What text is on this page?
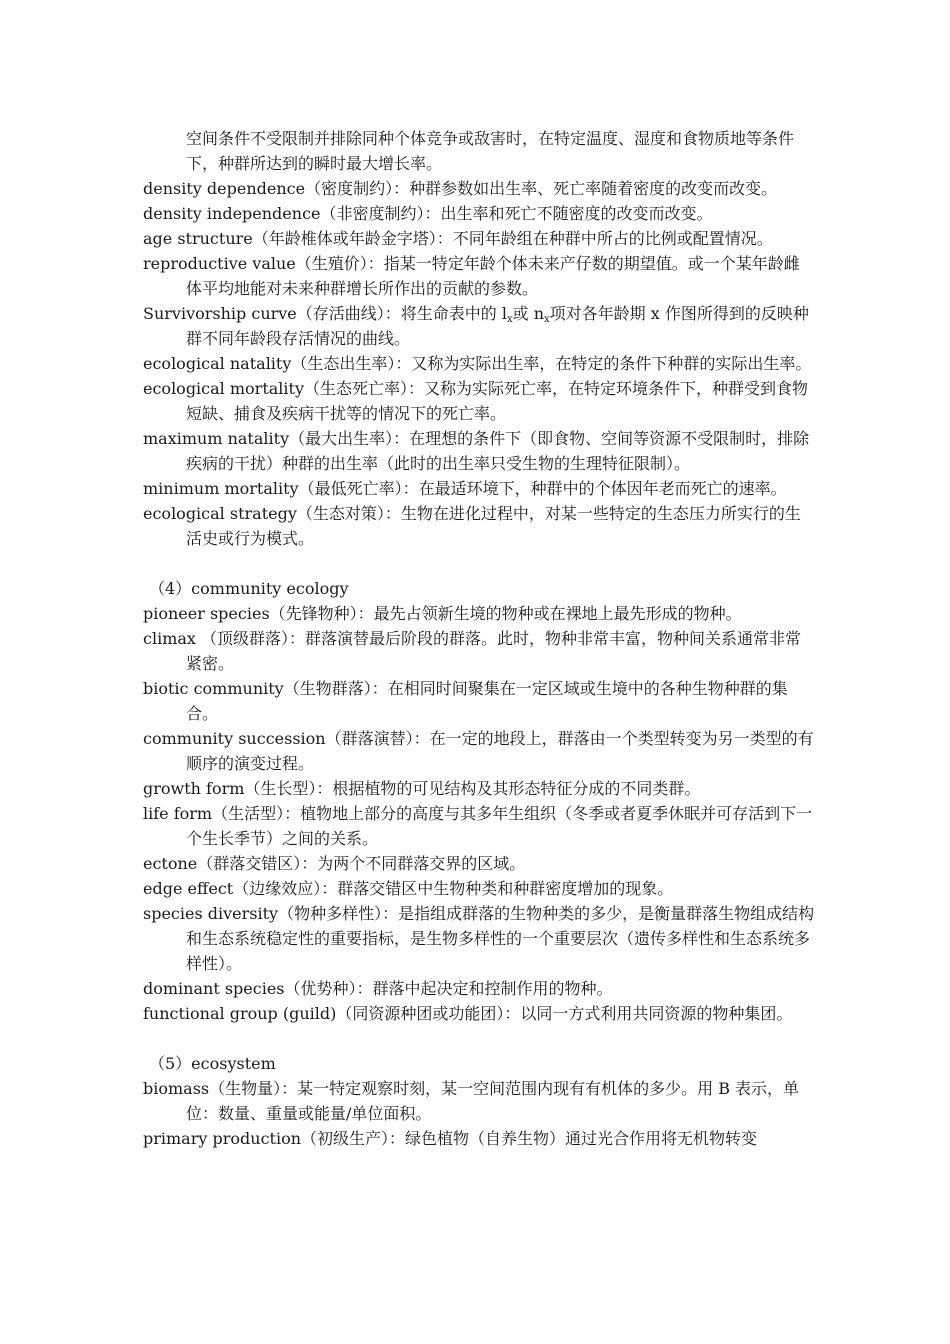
空间条件不受限制并排除同种个体竞争或敌害时，在特定温度、湿度和食物质地等条件下，种群所达到的瞬时最大增长率。
density dependence（密度制约）：种群参数如出生率、死亡率随着密度的改变而改变。
density independence（非密度制约）：出生率和死亡不随密度的改变而改变。
age structure（年龄椎体或年龄金字塔）：不同年龄组在种群中所占的比例或配置情况。
reproductive value（生殖价）：指某一特定年龄个体未来产仔数的期望值。或一个某年龄雌体平均地能对未来种群增长所作出的贡献的参数。
Survivorship curve（存活曲线）：将生命表中的 $l_x$或 $n_x$项对各年龄期 x 作图所得到的反映种群不同年龄段存活情况的曲线。
ecological natality（生态出生率）：又称为实际出生率，在特定的条件下种群的实际出生率。
ecological mortality（生态死亡率）：又称为实际死亡率，在特定环境条件下，种群受到食物短缺、捕食及疾病干扰等的情况下的死亡率。
maximum natality（最大出生率）：在理想的条件下（即食物、空间等资源不受限制时，排除疾病的干扰）种群的出生率（此时的出生率只受生物的生理特征限制）。
minimum mortality（最低死亡率）：在最适环境下，种群中的个体因年老而死亡的速率。
ecological strategy（生态对策）：生物在进化过程中，对某一些特定的生态压力所实行的生活史或行为模式。
（4）community ecology
pioneer species（先锋物种）：最先占领新生境的物种或在裸地上最先形成的物种。
climax （顶级群落）：群落演替最后阶段的群落。此时，物种非常丰富，物种间关系通常非常紧密。
biotic community（生物群落）：在相同时间聚集在一定区域或生境中的各种生物种群的集合。
community succession（群落演替）：在一定的地段上，群落由一个类型转变为另一类型的有顺序的演变过程。
growth form（生长型）：根据植物的可见结构及其形态特征分成的不同类群。
life form（生活型）：植物地上部分的高度与其多年生组织（冬季或者夏季休眠并可存活到下一个生长季节）之间的关系。
ectone（群落交错区）：为两个不同群落交界的区域。
edge effect（边缘效应）：群落交错区中生物种类和种群密度增加的现象。
species diversity（物种多样性）：是指组成群落的生物种类的多少，是衡量群落生物组成结构和生态系统稳定性的重要指标，是生物多样性的一个重要层次（遗传多样性和生态系统多样性）。
dominant species（优势种）：群落中起决定和控制作用的物种。
functional group (guild)（同资源种团或功能团）：以同一方式利用共同资源的物种集团。
（5）ecosystem
biomass（生物量）：某一特定观察时刻，某一空间范围内现有有机体的多少。用 B 表示，单位：数量、重量或能量/单位面积。
primary production（初级生产）：绿色植物（自养生物）通过光合作用将无机物转变
